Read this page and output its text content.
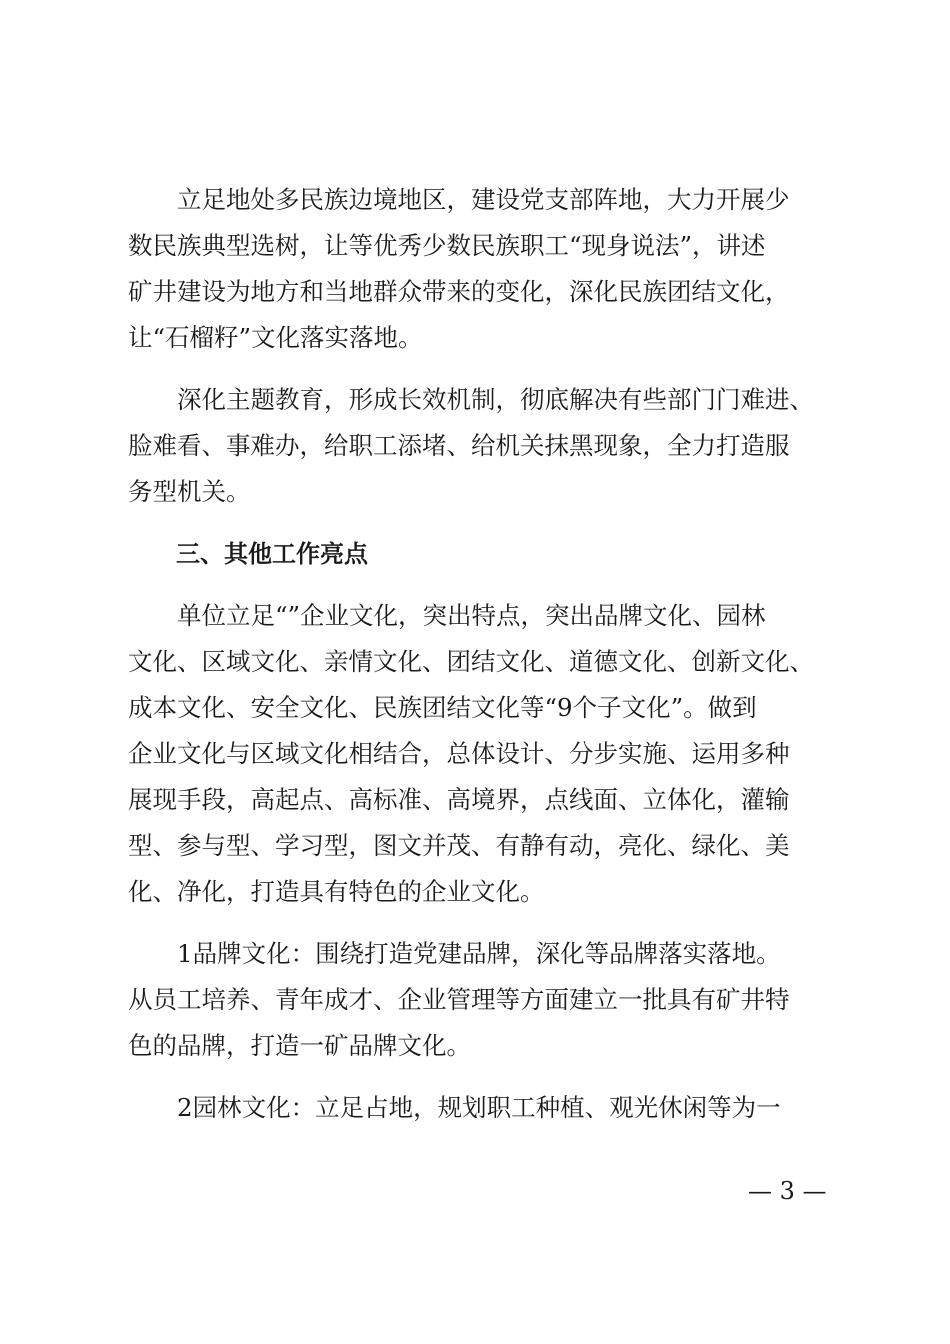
　　立足地处多民族边境地区，建设党支部阵地，大力开展少
数民族典型选树，让等优秀少数民族职工“现身说法”，讲述
矿井建设为地方和当地群众带来的变化，深化民族团结文化，
让“石榴籽”文化落实落地。
　　深化主题教育，形成长效机制，彻底解决有些部门门难进、
脸难看、事难办，给职工添堵、给机关抹黑现象，全力打造服
务型机关。
　　三、其他工作亮点
　　单位立足“”企业文化，突出特点，突出品牌文化、园林
文化、区域文化、亲情文化、团结文化、道德文化、创新文化、
成本文化、安全文化、民族团结文化等“9个子文化”。做到
企业文化与区域文化相结合，总体设计、分步实施、运用多种
展现手段，高起点、高标准、高境界，点线面、立体化，灌输
型、参与型、学习型，图文并茂、有静有动，亮化、绿化、美
化、净化，打造具有特色的企业文化。
　　1品牌文化：围绕打造党建品牌，深化等品牌落实落地。
从员工培养、青年成才、企业管理等方面建立一批具有矿井特
色的品牌，打造一矿品牌文化。
　　2园林文化：立足占地，规划职工种植、观光休闲等为一
— 3 —
